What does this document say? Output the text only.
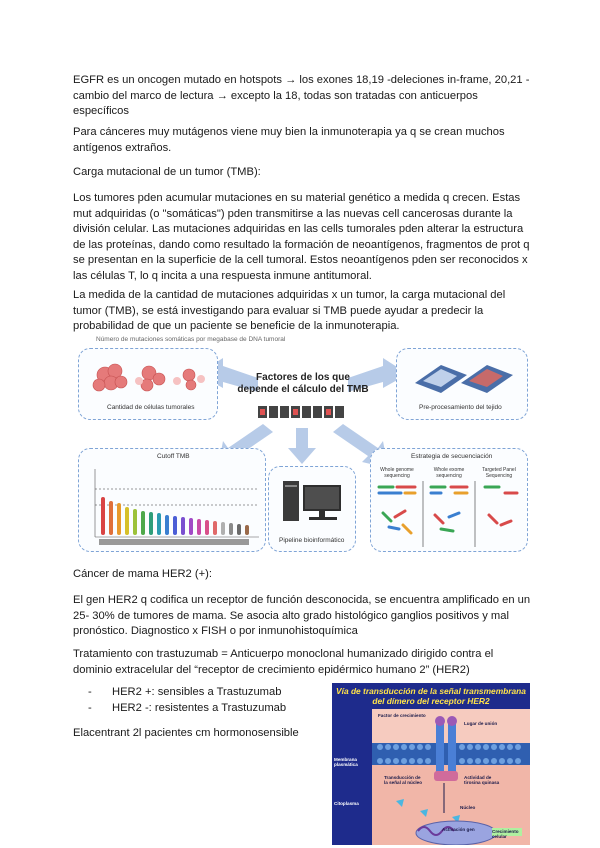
EGFR es un oncogen mutado en hotspots → los exones 18,19 -deleciones in-frame, 20,21 -cambio del marco de lectura → excepto la 18, todas son tratadas con anticuerpos específicos

Para cánceres muy mutágenos viene muy bien la inmunoterapia ya q se crean muchos antígenos extraños.

Carga mutacional de un tumor (TMB):

Los tumores pden acumular mutaciones en su material genético a medida q crecen. Estas mut adquiridas (o "somáticas") pden transmitirse a las nuevas cell cancerosas durante la división celular. Las mutaciones adquiridas en las cells tumorales pden alterar la estructura de las proteínas, dando como resultado la formación de neoantígenos, fragmentos de prot q se presentan en la superficie de la cell tumoral. Estos neoantígenos pden ser reconocidos x las células T, lo q incita a una respuesta inmune antitumoral.

La medida de la cantidad de mutaciones adquiridas x un tumor, la carga mutacional del tumor (TMB), se está investigando para evaluar si TMB puede ayudar a predecir la probabilidad de que un paciente se beneficie de la inmunoterapia.

Número de mutaciones somáticas por megabase de DNA tumoral
Cantidad de células tumorales
Factores de los que
depende el cálculo del TMB
Pre-procesamiento del tejido
Cutoff TMB
Pipeline bioinformático
Estrategia de secuenciación
Whole genome sequencing
Whole exome sequencing
Targeted Panel Sequencing

Cáncer de mama HER2 (+):

El gen HER2 q codifica un receptor de función desconocida, se encuentra amplificado en un 25- 30% de tumores de mama. Se asocia alto grado histológico ganglios positivos y mal pronóstico. Diagnostico x FISH o por inmunohistoquímica

Tratamiento con trastuzumab = Anticuerpo monoclonal humanizado dirigido contra el dominio extracelular del “receptor de crecimiento epidérmico humano 2” (HER2)

- HER2 +: sensibles a Trastuzumab
- HER2 -: resistentes a Trastuzumab

Elacentrant 2l pacientes cm hormonosensible

Vía de transducción de la señal transmembrana
del dímero del receptor HER2
Factor de crecimiento
Lugar de unión
Membrana plasmática
Actividad de tirosina quinasa
Transducción de la señal al núcleo
Citoplasma
Núcleo
Activación gen	Crecimiento celular
